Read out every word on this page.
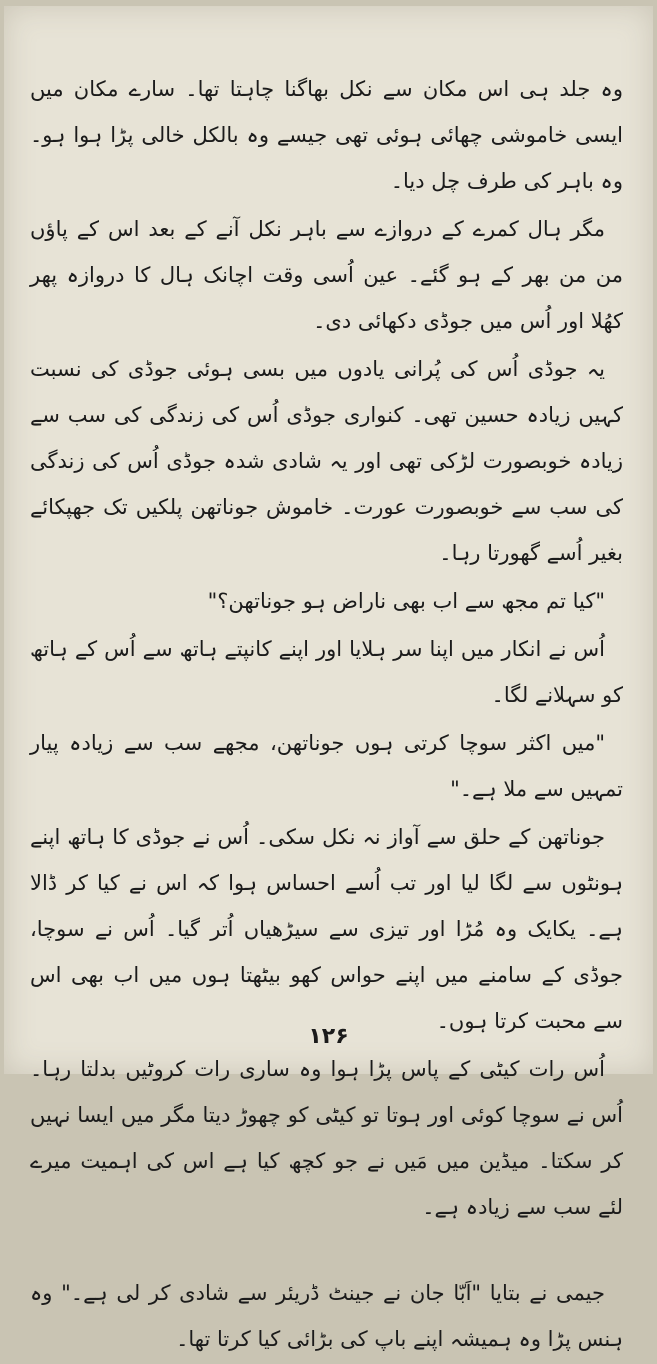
وہ جلد ہی اس مکان سے نکل بھاگنا چاہتا تھا۔ سارے مکان میں ایسی خاموشی چھائی ہوئی تھی جیسے وہ بالکل خالی پڑا ہوا ہو۔ وہ باہر کی طرف چل دیا۔

مگر ہال کمرے کے دروازے سے باہر نکل آنے کے بعد اس کے پاؤں من من بھر کے ہو گئے۔ عین اُسی وقت اچانک ہال کا دروازہ پھر کھُلا اور اُس میں جوڈی دکھائی دی۔

یہ جوڈی اُس کی پُرانی یادوں میں بسی ہوئی جوڈی کی نسبت کہیں زیادہ حسین تھی۔ کنواری جوڈی اُس کی زندگی کی سب سے زیادہ خوبصورت لڑکی تھی اور یہ شادی شدہ جوڈی اُس کی زندگی کی سب سے خوبصورت عورت۔ خاموش جوناتھن پلکیں تک جھپکائے بغیر اُسے گھورتا رہا۔

"کیا تم مجھ سے اب بھی ناراض ہو جوناتھن؟"

اُس نے انکار میں اپنا سر ہلایا اور اپنے کانپتے ہاتھ سے اُس کے ہاتھ کو سہلانے لگا۔

"میں اکثر سوچا کرتی ہوں جوناتھن، مجھے سب سے زیادہ پیار تمہیں سے ملا ہے۔"

جوناتھن کے حلق سے آواز نہ نکل سکی۔ اُس نے جوڈی کا ہاتھ اپنے ہونٹوں سے لگا لیا اور تب اُسے احساس ہوا کہ اس نے کیا کر ڈالا ہے۔ یکایک وہ مُڑا اور تیزی سے سیڑھیاں اُتر گیا۔ اُس نے سوچا، جوڈی کے سامنے میں اپنے حواس کھو بیٹھتا ہوں میں اب بھی اس سے محبت کرتا ہوں۔

اُس رات کیٹی کے پاس پڑا ہوا وہ ساری رات کروٹیں بدلتا رہا۔ اُس نے سوچا کوئی اور ہوتا تو کیٹی کو چھوڑ دیتا مگر میں ایسا نہیں کر سکتا۔ میڈین میں مَیں نے جو کچھ کیا ہے اس کی اہمیت میرے لئے سب سے زیادہ ہے۔

جیمی نے بتایا "اَبّا جان نے جینٹ ڈریئر سے شادی کر لی ہے۔" وہ ہنس پڑا وہ ہمیشہ اپنے باپ کی بڑائی کیا کرتا تھا۔

۱۲۶
